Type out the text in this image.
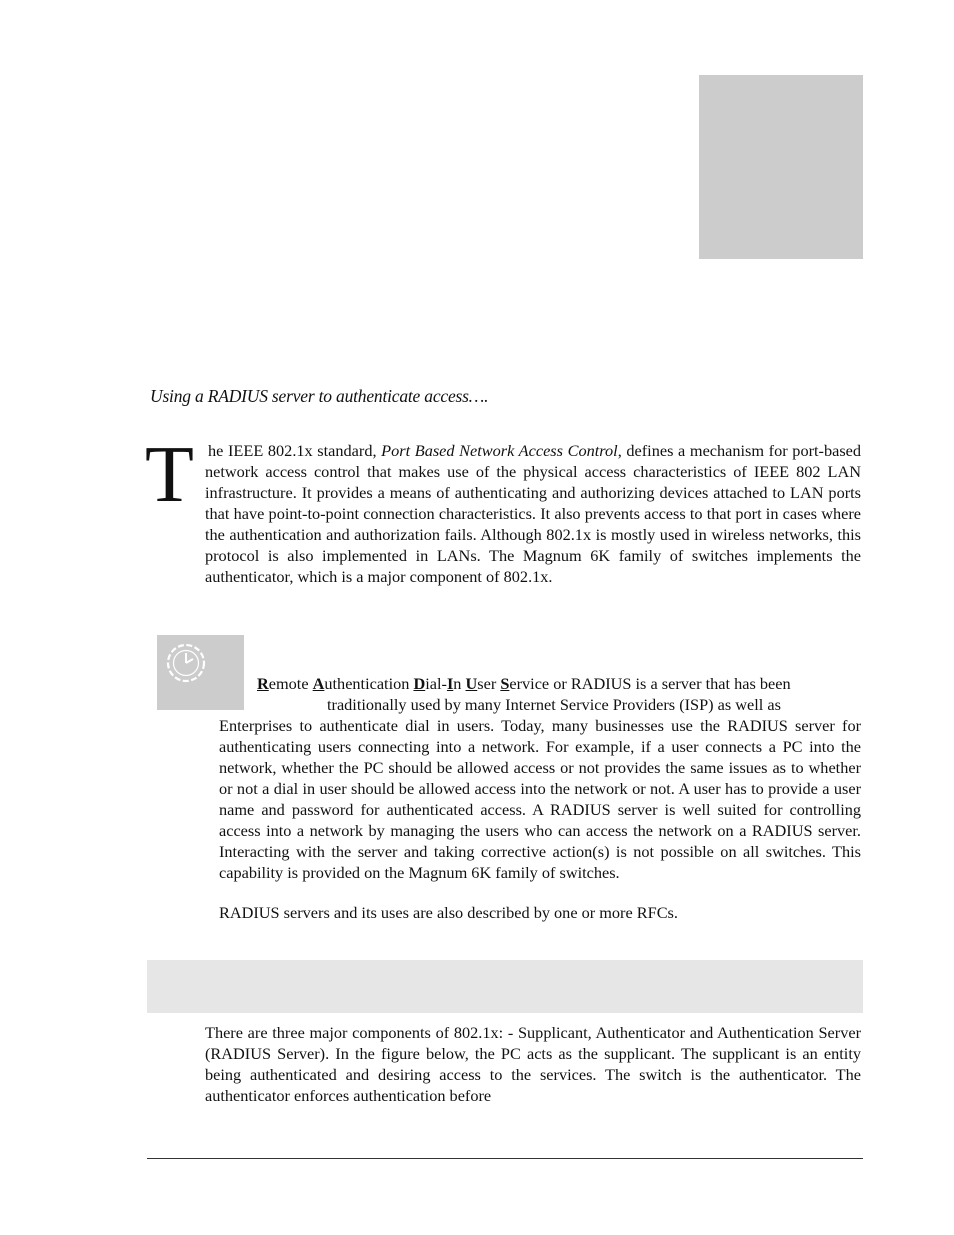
Using a RADIUS server to authenticate access….

The IEEE 802.1x standard, Port Based Network Access Control, defines a mechanism for port-based network access control that makes use of the physical access characteristics of IEEE 802 LAN infrastructure. It provides a means of authenticating and authorizing devices attached to LAN ports that have point-to-point connection characteristics. It also prevents access to that port in cases where the authentication and authorization fails. Although 802.1x is mostly used in wireless networks, this protocol is also implemented in LANs. The Magnum 6K family of switches implements the authenticator, which is a major component of 802.1x.

Remote Authentication Dial-In User Service or RADIUS is a server that has been
traditionally used by many Internet Service Providers (ISP) as well as
Enterprises to authenticate dial in users. Today, many businesses use the RADIUS server for authenticating users connecting into a network. For example, if a user connects a PC into the network, whether the PC should be allowed access or not provides the same issues as to whether or not a dial in user should be allowed access into the network or not. A user has to provide a user name and password for authenticated access. A RADIUS server is well suited for controlling access into a network by managing the users who can access the network on a RADIUS server. Interacting with the server and taking corrective action(s) is not possible on all switches. This capability is provided on the Magnum 6K family of switches.

RADIUS servers and its uses are also described by one or more RFCs.

There are three major components of 802.1x: - Supplicant, Authenticator and Authentication Server (RADIUS Server). In the figure below, the PC acts as the supplicant. The supplicant is an entity being authenticated and desiring access to the services. The switch is the authenticator. The authenticator enforces authentication before
